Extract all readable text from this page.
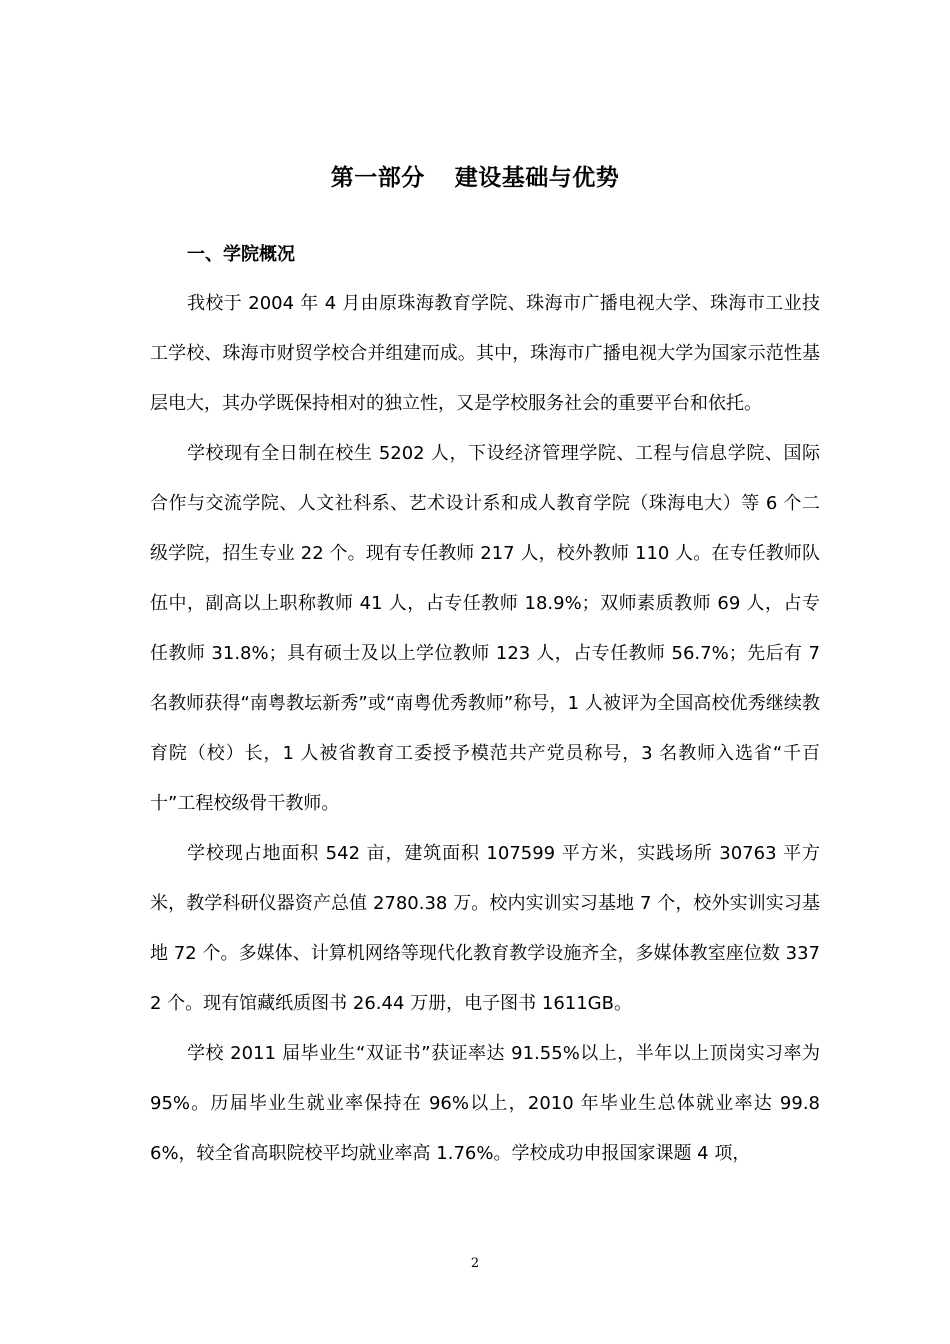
第一部分 建设基础与优势
一、学院概况

我校于 2004 年 4 月由原珠海教育学院、珠海市广播电视大学、珠海市工业技工学校、珠海市财贸学校合并组建而成。其中，珠海市广播电视大学为国家示范性基层电大，其办学既保持相对的独立性，又是学校服务社会的重要平台和依托。

学校现有全日制在校生 5202 人，下设经济管理学院、工程与信息学院、国际合作与交流学院、人文社科系、艺术设计系和成人教育学院（珠海电大）等 6 个二级学院，招生专业 22 个。现有专任教师 217 人，校外教师 110 人。在专任教师队伍中，副高以上职称教师 41 人，占专任教师 18.9%；双师素质教师 69 人，占专任教师 31.8%；具有硕士及以上学位教师 123 人，占专任教师 56.7%；先后有 7 名教师获得“南粤教坛新秀”或“南粤优秀教师”称号，1 人被评为全国高校优秀继续教育院（校）长，1 人被省教育工委授予模范共产党员称号，3 名教师入选省“千百十”工程校级骨干教师。

学校现占地面积 542 亩，建筑面积 107599 平方米，实践场所 30763 平方米，教学科研仪器资产总值 2780.38 万。校内实训实习基地 7 个，校外实训实习基地 72 个。多媒体、计算机网络等现代化教育教学设施齐全，多媒体教室座位数 3372 个。现有馆藏纸质图书 26.44 万册，电子图书 1611GB。

学校 2011 届毕业生“双证书”获证率达 91.55%以上，半年以上顶岗实习率为 95%。历届毕业生就业率保持在 96%以上，2010 年毕业生总体就业率达 99.86%，较全省高职院校平均就业率高 1.76%。学校成功申报国家课题 4 项，

2
